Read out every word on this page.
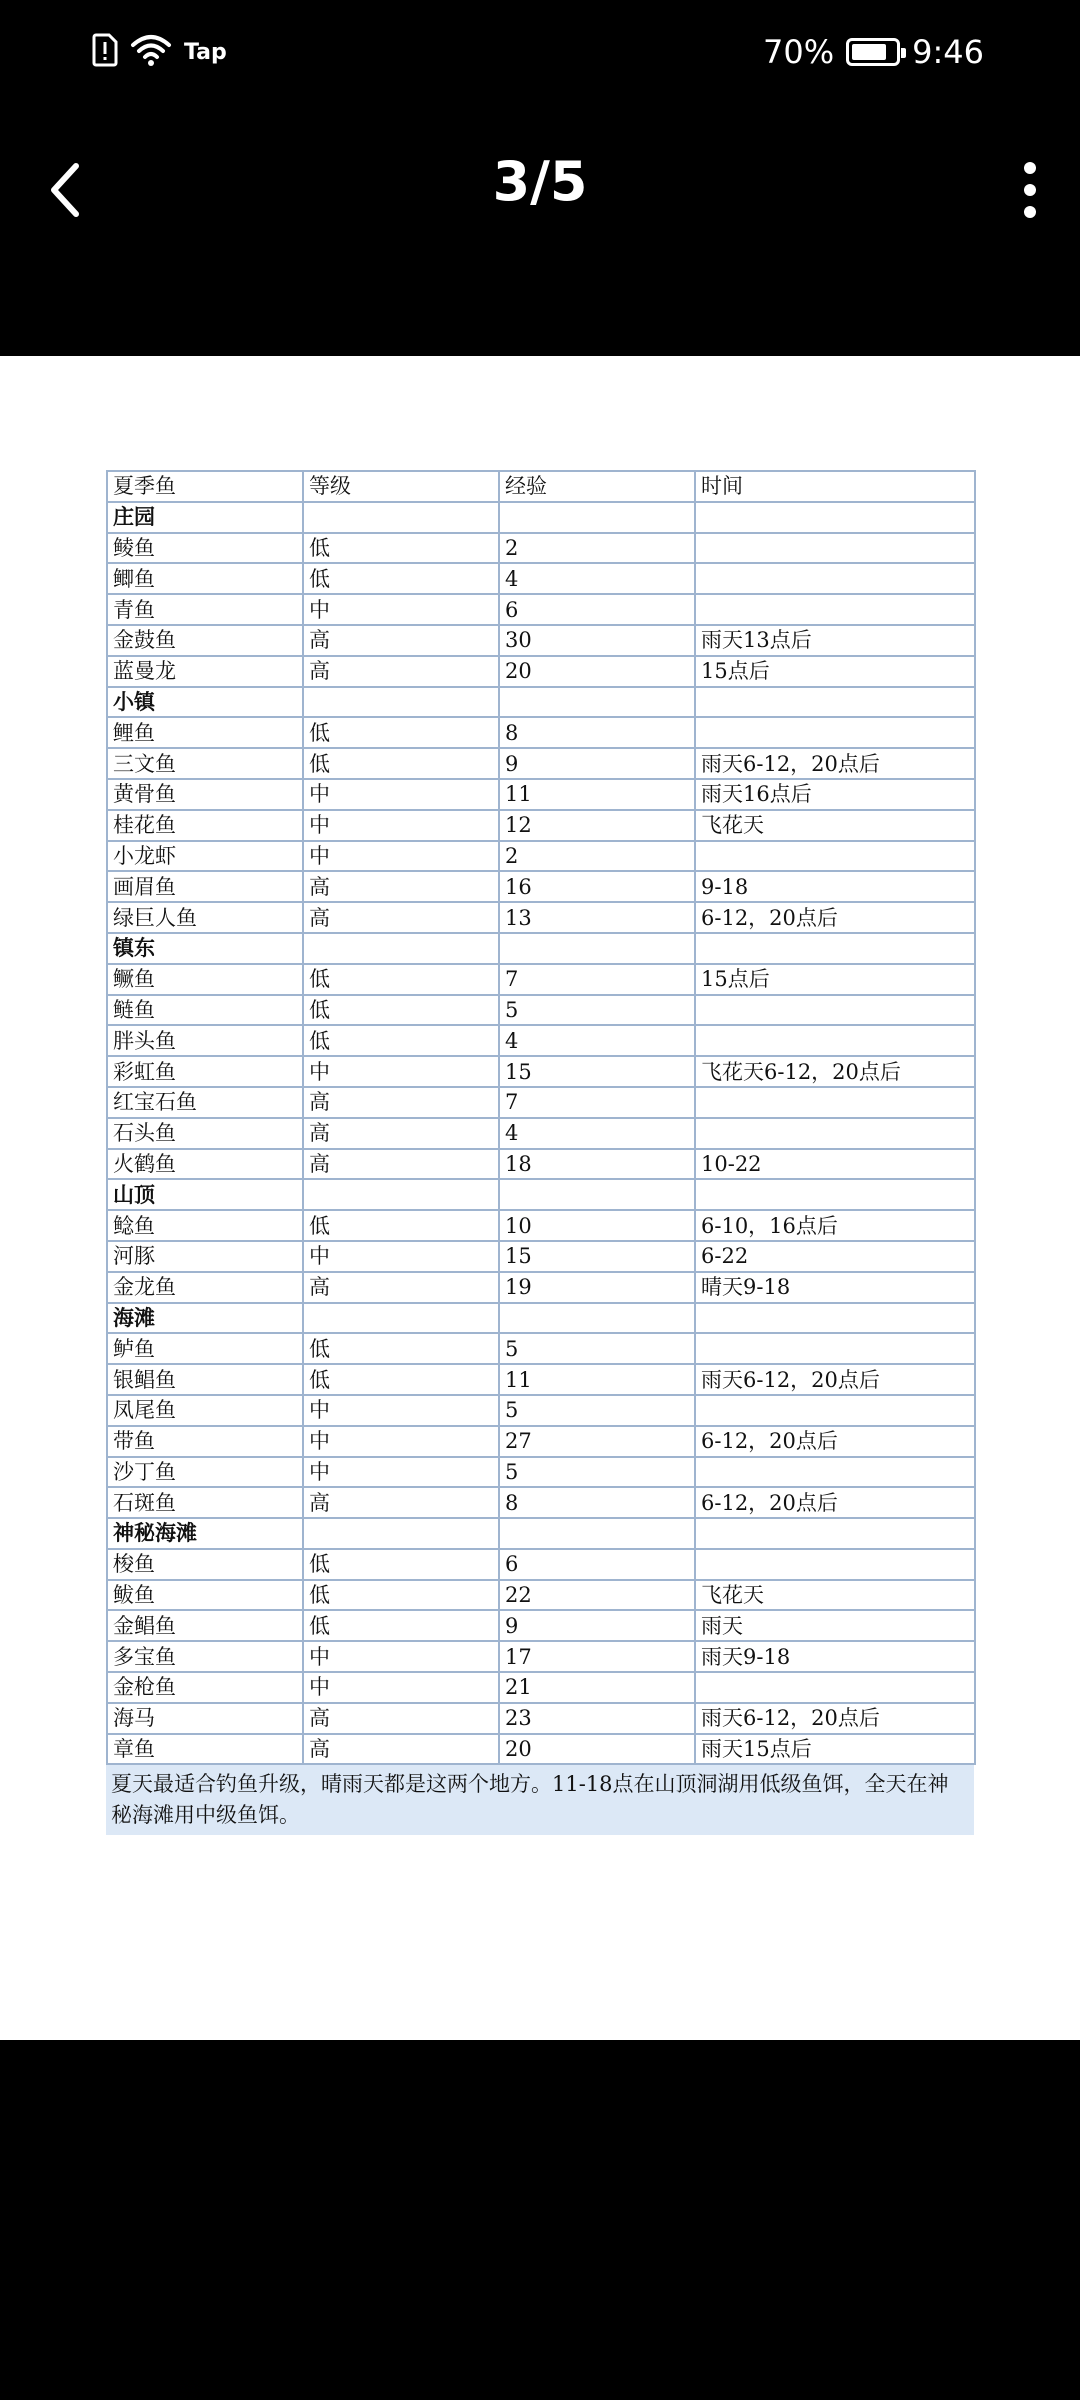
Tap	70% 9:46
3/5
夏季鱼	等级	经验	时间
庄园			
鲮鱼	低	2	
鲫鱼	低	4	
青鱼	中	6	
金鼓鱼	高	30	雨天13点后
蓝曼龙	高	20	15点后
小镇			
鲤鱼	低	8	
三文鱼	低	9	雨天6-12，20点后
黄骨鱼	中	11	雨天16点后
桂花鱼	中	12	飞花天
小龙虾	中	2	
画眉鱼	高	16	9-18
绿巨人鱼	高	13	6-12，20点后
镇东			
鳜鱼	低	7	15点后
鲢鱼	低	5	
胖头鱼	低	4	
彩虹鱼	中	15	飞花天6-12，20点后
红宝石鱼	高	7	
石头鱼	高	4	
火鹤鱼	高	18	10-22
山顶			
鲶鱼	低	10	6-10，16点后
河豚	中	15	6-22
金龙鱼	高	19	晴天9-18
海滩			
鲈鱼	低	5	
银鲳鱼	低	11	雨天6-12，20点后
凤尾鱼	中	5	
带鱼	中	27	6-12，20点后
沙丁鱼	中	5	
石斑鱼	高	8	6-12，20点后
神秘海滩			
梭鱼	低	6	
鲅鱼	低	22	飞花天
金鲳鱼	低	9	雨天
多宝鱼	中	17	雨天9-18
金枪鱼	中	21	
海马	高	23	雨天6-12，20点后
章鱼	高	20	雨天15点后
夏天最适合钓鱼升级，晴雨天都是这两个地方。11-18点在山顶洞湖用低级鱼饵，全天在神秘海滩用中级鱼饵。
